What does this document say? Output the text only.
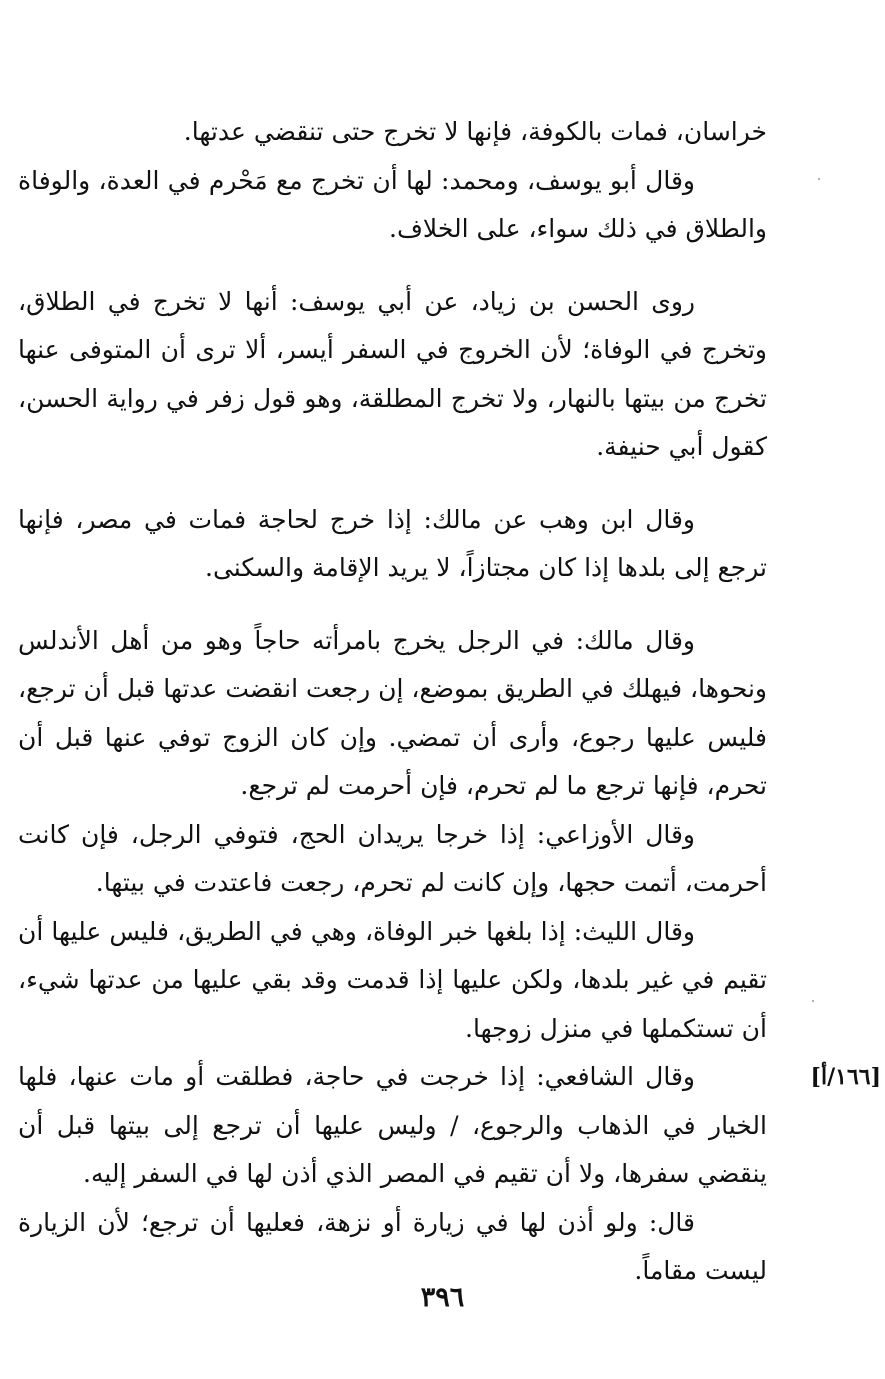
خراسان، فمات بالكوفة، فإنها لا تخرج حتى تنقضي عدتها.

وقال أبو يوسف، ومحمد: لها أن تخرج مع مَحْرم في العدة، والوفاة والطلاق في ذلك سواء، على الخلاف.

روى الحسن بن زياد، عن أبي يوسف: أنها لا تخرج في الطلاق، وتخرج في الوفاة؛ لأن الخروج في السفر أيسر، ألا ترى أن المتوفى عنها تخرج من بيتها بالنهار، ولا تخرج المطلقة، وهو قول زفر في رواية الحسن، كقول أبي حنيفة.

وقال ابن وهب عن مالك: إذا خرج لحاجة فمات في مصر، فإنها ترجع إلى بلدها إذا كان مجتازاً، لا يريد الإقامة والسكنى.

وقال مالك: في الرجل يخرج بامرأته حاجاً وهو من أهل الأندلس ونحوها، فيهلك في الطريق بموضع، إن رجعت انقضت عدتها قبل أن ترجع، فليس عليها رجوع، وأرى أن تمضي. وإن كان الزوج توفي عنها قبل أن تحرم، فإنها ترجع ما لم تحرم، فإن أحرمت لم ترجع.

وقال الأوزاعي: إذا خرجا يريدان الحج، فتوفي الرجل، فإن كانت أحرمت، أتمت حجها، وإن كانت لم تحرم، رجعت فاعتدت في بيتها.

وقال الليث: إذا بلغها خبر الوفاة، وهي في الطريق، فليس عليها أن تقيم في غير بلدها، ولكن عليها إذا قدمت وقد بقي عليها من عدتها شيء، أن تستكملها في منزل زوجها.

وقال الشافعي: إذا خرجت في حاجة، فطلقت أو مات عنها، فلها الخيار في الذهاب والرجوع، / وليس عليها أن ترجع إلى بيتها قبل أن ينقضي سفرها، ولا أن تقيم في المصر الذي أذن لها في السفر إليه.

قال: ولو أذن لها في زيارة أو نزهة، فعليها أن ترجع؛ لأن الزيارة ليست مقاماً.

[١٦٦/أ]
٣٩٦
